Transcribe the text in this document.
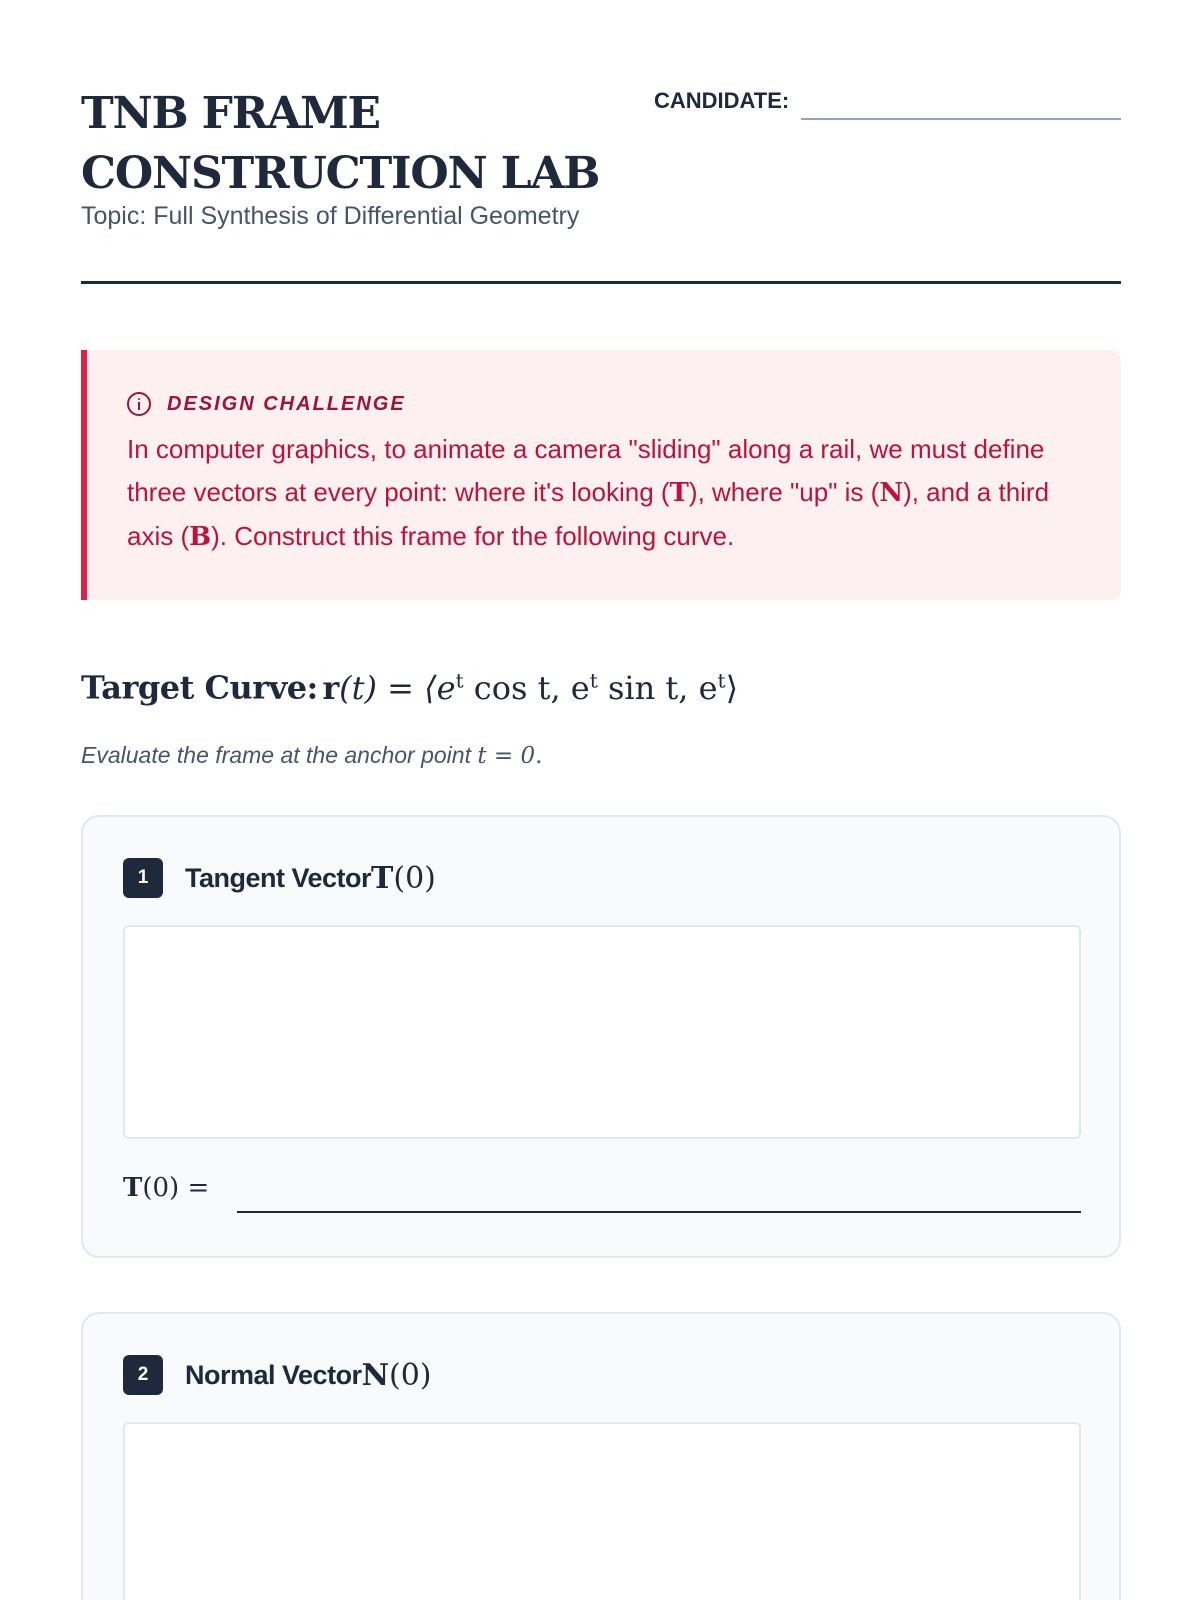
TNB FRAME
CONSTRUCTION LAB
Topic: Full Synthesis of Differential Geometry
CANDIDATE:
DESIGN CHALLENGE
In computer graphics, to animate a camera "sliding" along a rail, we must define three vectors at every point: where it's looking (T), where "up" is (N), and a third axis (B). Construct this frame for the following curve.
Target Curve: $r(t) = ⟨e^t$ cos t, $e^t$ sin t, $e^t⟩$
Evaluate the frame at the anchor point t = 0.
1	Tangent Vector T(0)
T(0) =
2	Normal Vector N(0)
